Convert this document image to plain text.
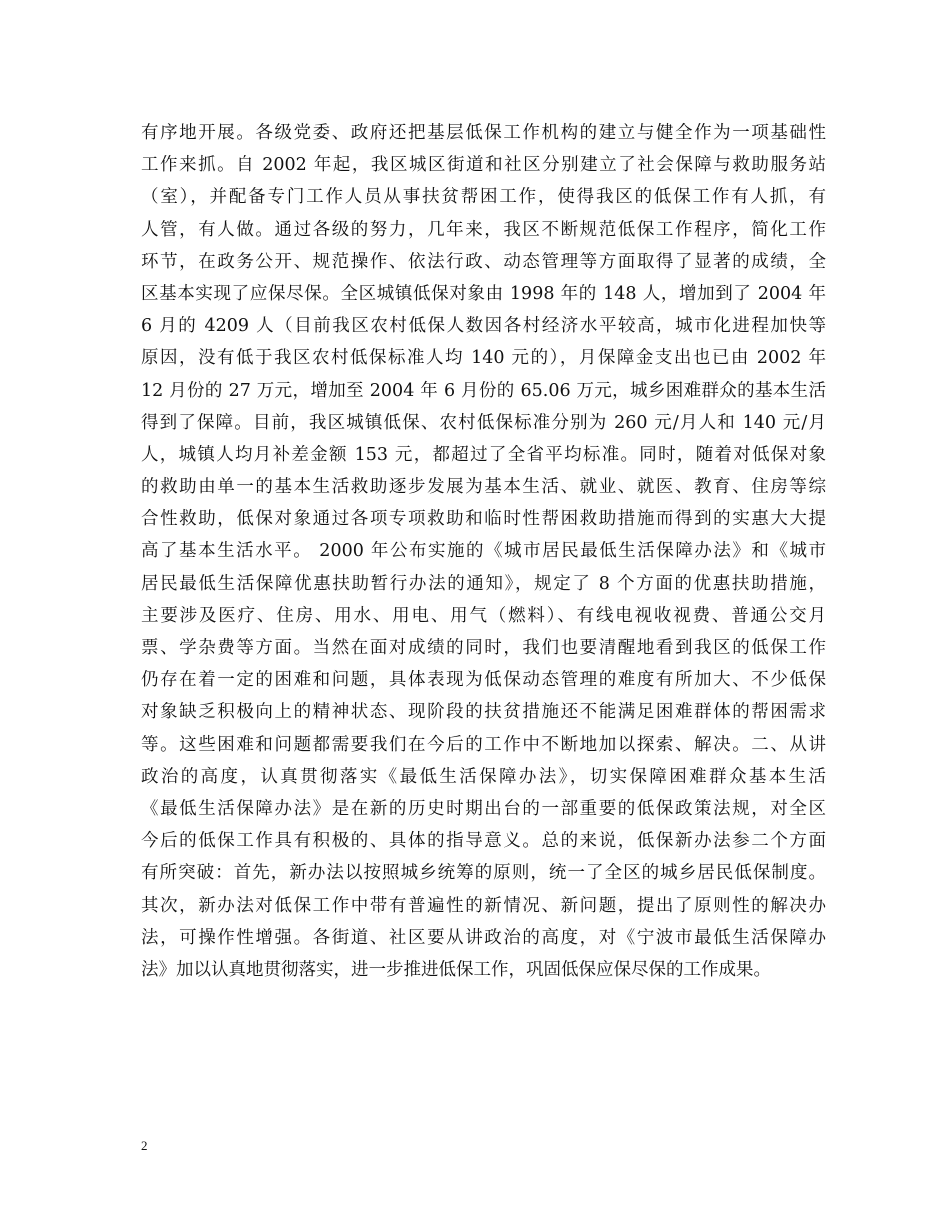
有序地开展。各级党委、政府还把基层低保工作机构的建立与健全作为一项基础性
工作来抓。自 2002 年起，我区城区街道和社区分别建立了社会保障与救助服务站
（室），并配备专门工作人员从事扶贫帮困工作，使得我区的低保工作有人抓，有
人管，有人做。通过各级的努力，几年来，我区不断规范低保工作程序，简化工作
环节，在政务公开、规范操作、依法行政、动态管理等方面取得了显著的成绩，全
区基本实现了应保尽保。全区城镇低保对象由 1998 年的 148 人，增加到了 2004 年
6 月的 4209 人（目前我区农村低保人数因各村经济水平较高，城市化进程加快等
原因，没有低于我区农村低保标准人均 140 元的），月保障金支出也已由 2002 年
12 月份的 27 万元，增加至 2004 年 6 月份的 65.06 万元，城乡困难群众的基本生活
得到了保障。目前，我区城镇低保、农村低保标准分别为 260 元/月人和 140 元/月
人，城镇人均月补差金额 153 元，都超过了全省平均标准。同时，随着对低保对象
的救助由单一的基本生活救助逐步发展为基本生活、就业、就医、教育、住房等综
合性救助，低保对象通过各项专项救助和临时性帮困救助措施而得到的实惠大大提
高了基本生活水平。 2000 年公布实施的《城市居民最低生活保障办法》和《城市
居民最低生活保障优惠扶助暂行办法的通知》，规定了 8 个方面的优惠扶助措施，
主要涉及医疗、住房、用水、用电、用气（燃料）、有线电视收视费、普通公交月
票、学杂费等方面。当然在面对成绩的同时，我们也要清醒地看到我区的低保工作
仍存在着一定的困难和问题，具体表现为低保动态管理的难度有所加大、不少低保
对象缺乏积极向上的精神状态、现阶段的扶贫措施还不能满足困难群体的帮困需求
等。这些困难和问题都需要我们在今后的工作中不断地加以探索、解决。二、从讲
政治的高度，认真贯彻落实《最低生活保障办法》，切实保障困难群众基本生活
《最低生活保障办法》是在新的历史时期出台的一部重要的低保政策法规，对全区
今后的低保工作具有积极的、具体的指导意义。总的来说，低保新办法参二个方面
有所突破：首先，新办法以按照城乡统筹的原则，统一了全区的城乡居民低保制度。
其次，新办法对低保工作中带有普遍性的新情况、新问题，提出了原则性的解决办
法，可操作性增强。各街道、社区要从讲政治的高度，对《宁波市最低生活保障办
法》加以认真地贯彻落实，进一步推进低保工作，巩固低保应保尽保的工作成果。
2
